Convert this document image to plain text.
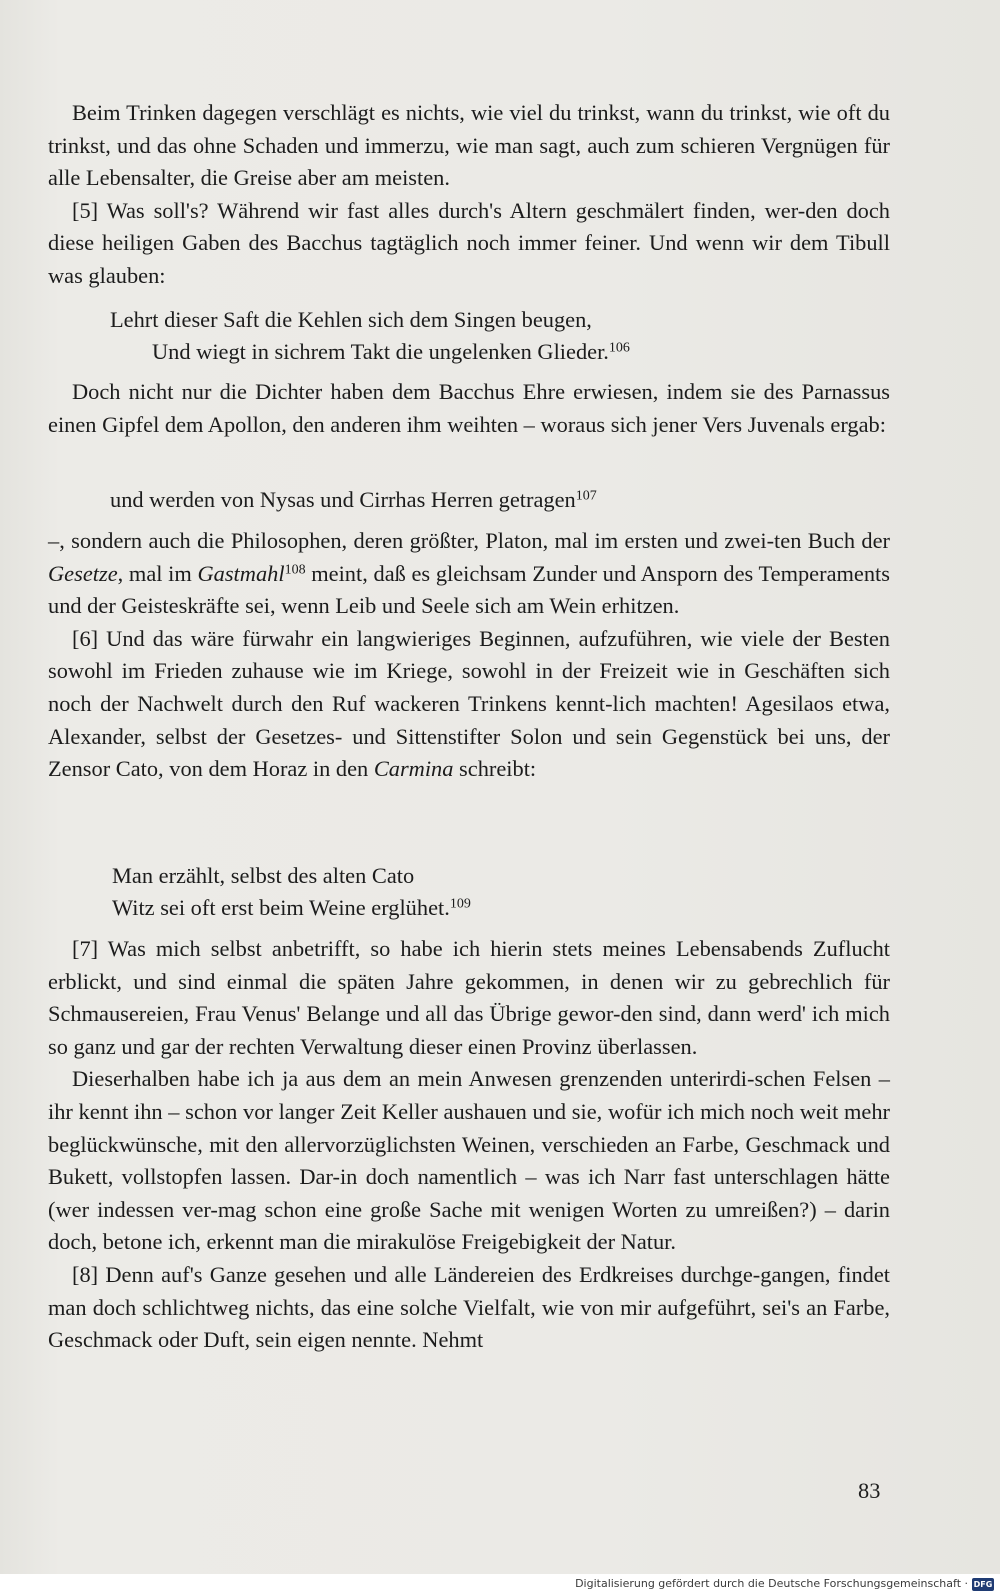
Beim Trinken dagegen verschlägt es nichts, wie viel du trinkst, wann du trinkst, wie oft du trinkst, und das ohne Schaden und immerzu, wie man sagt, auch zum schieren Vergnügen für alle Lebensalter, die Greise aber am meisten.

[5] Was soll's? Während wir fast alles durch's Altern geschmälert finden, wer-den doch diese heiligen Gaben des Bacchus tagtäglich noch immer feiner. Und wenn wir dem Tibull was glauben:

Lehrt dieser Saft die Kehlen sich dem Singen beugen,
Und wiegt in sichrem Takt die ungelenken Glieder.$^{106}$

Doch nicht nur die Dichter haben dem Bacchus Ehre erwiesen, indem sie des Parnassus einen Gipfel dem Apollon, den anderen ihm weihten – woraus sich jener Vers Juvenals ergab:

und werden von Nysas und Cirrhas Herren getragen$^{107}$

–, sondern auch die Philosophen, deren größter, Platon, mal im ersten und zwei-ten Buch der Gesetze, mal im Gastmahl$^{108}$ meint, daß es gleichsam Zunder und Ansporn des Temperaments und der Geisteskräfte sei, wenn Leib und Seele sich am Wein erhitzen.

[6] Und das wäre fürwahr ein langwieriges Beginnen, aufzuführen, wie viele der Besten sowohl im Frieden zuhause wie im Kriege, sowohl in der Freizeit wie in Geschäften sich noch der Nachwelt durch den Ruf wackeren Trinkens kennt-lich machten! Agesilaos etwa, Alexander, selbst der Gesetzes- und Sittenstifter Solon und sein Gegenstück bei uns, der Zensor Cato, von dem Horaz in den Carmina schreibt:

Man erzählt, selbst des alten Cato
Witz sei oft erst beim Weine erglühet.$^{109}$

[7] Was mich selbst anbetrifft, so habe ich hierin stets meines Lebensabends Zuflucht erblickt, und sind einmal die späten Jahre gekommen, in denen wir zu gebrechlich für Schmausereien, Frau Venus' Belange und all das Übrige gewor-den sind, dann werd' ich mich so ganz und gar der rechten Verwaltung dieser einen Provinz überlassen.

Dieserhalben habe ich ja aus dem an mein Anwesen grenzenden unterirdi-schen Felsen – ihr kennt ihn – schon vor langer Zeit Keller aushauen und sie, wofür ich mich noch weit mehr beglückwünsche, mit den allervorzüglichsten Weinen, verschieden an Farbe, Geschmack und Bukett, vollstopfen lassen. Dar-in doch namentlich – was ich Narr fast unterschlagen hätte (wer indessen ver-mag schon eine große Sache mit wenigen Worten zu umreißen?) – darin doch, betone ich, erkennt man die mirakulöse Freigebigkeit der Natur.

[8] Denn auf's Ganze gesehen und alle Ländereien des Erdkreises durchge-gangen, findet man doch schlichtweg nichts, das eine solche Vielfalt, wie von mir aufgeführt, sei's an Farbe, Geschmack oder Duft, sein eigen nennte. Nehmt

83
Digitalisierung gefördert durch die Deutsche Forschungsgemeinschaft · DFG
